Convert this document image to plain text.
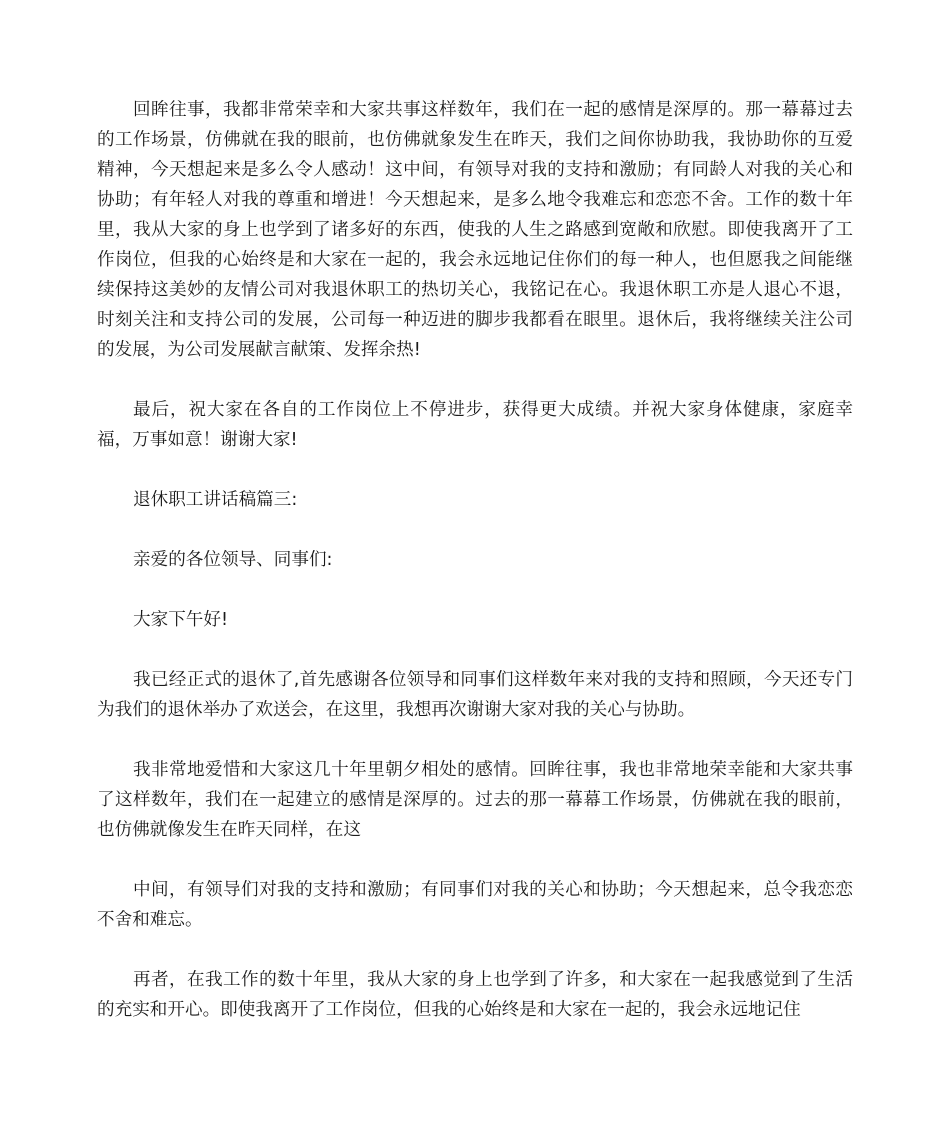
回眸往事，我都非常荣幸和大家共事这样数年，我们在一起的感情是深厚的。那一幕幕过去的工作场景，仿佛就在我的眼前，也仿佛就象发生在昨天，我们之间你协助我，我协助你的互爱精神，今天想起来是多么令人感动！这中间，有领导对我的支持和激励；有同龄人对我的关心和协助；有年轻人对我的尊重和增进！今天想起来，是多么地令我难忘和恋恋不舍。工作的数十年里，我从大家的身上也学到了诸多好的东西，使我的人生之路感到宽敞和欣慰。即使我离开了工作岗位，但我的心始终是和大家在一起的，我会永远地记住你们的每一种人，也但愿我之间能继续保持这美妙的友情公司对我退休职工的热切关心，我铭记在心。我退休职工亦是人退心不退，时刻关注和支持公司的发展，公司每一种迈进的脚步我都看在眼里。退休后，我将继续关注公司的发展，为公司发展献言献策、发挥余热!

最后，祝大家在各自的工作岗位上不停进步，获得更大成绩。并祝大家身体健康，家庭幸福，万事如意！谢谢大家!

退休职工讲话稿篇三:

亲爱的各位领导、同事们:

大家下午好!

我已经正式的退休了,首先感谢各位领导和同事们这样数年来对我的支持和照顾，今天还专门为我们的退休举办了欢送会，在这里，我想再次谢谢大家对我的关心与协助。

我非常地爱惜和大家这几十年里朝夕相处的感情。回眸往事，我也非常地荣幸能和大家共事了这样数年，我们在一起建立的感情是深厚的。过去的那一幕幕工作场景，仿佛就在我的眼前，也仿佛就像发生在昨天同样，在这

中间，有领导们对我的支持和激励；有同事们对我的关心和协助；今天想起来，总令我恋恋不舍和难忘。

再者，在我工作的数十年里，我从大家的身上也学到了许多，和大家在一起我感觉到了生活的充实和开心。即使我离开了工作岗位，但我的心始终是和大家在一起的，我会永远地记住
